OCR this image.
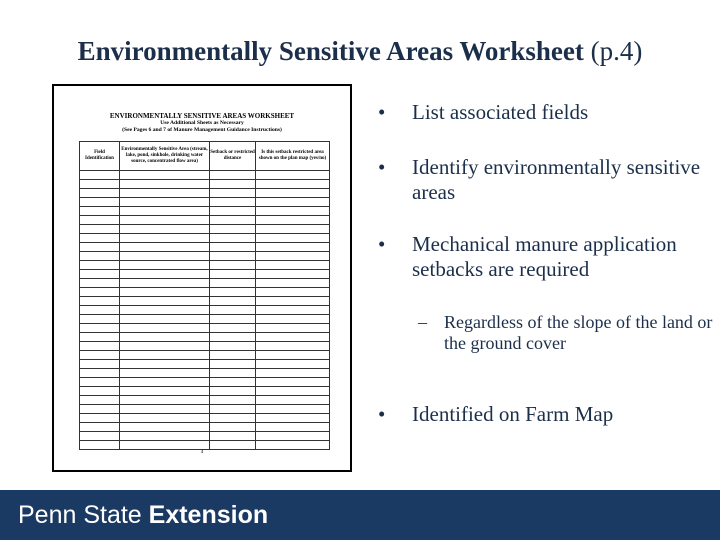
Environmentally Sensitive Areas Worksheet (p.4)
ENVIRONMENTALLY SENSITIVE AREAS WORKSHEET
Use Additional Sheets as Necessary
(See Pages 6 and 7 of Manure Management Guidance Instructions)
Field Identification	Environmentally Sensitive Area (stream, lake, pond, sinkhole, drinking water source, concentrated flow area)	Setback or restricted distance	Is this setback restricted area shown on the plan map (yes/no)

4
•	List associated fields
•	Identify environmentally sensitive areas
•	Mechanical manure application setbacks are required
– Regardless of the slope of the land or the ground cover
•	Identified on Farm Map
Penn State Extension
